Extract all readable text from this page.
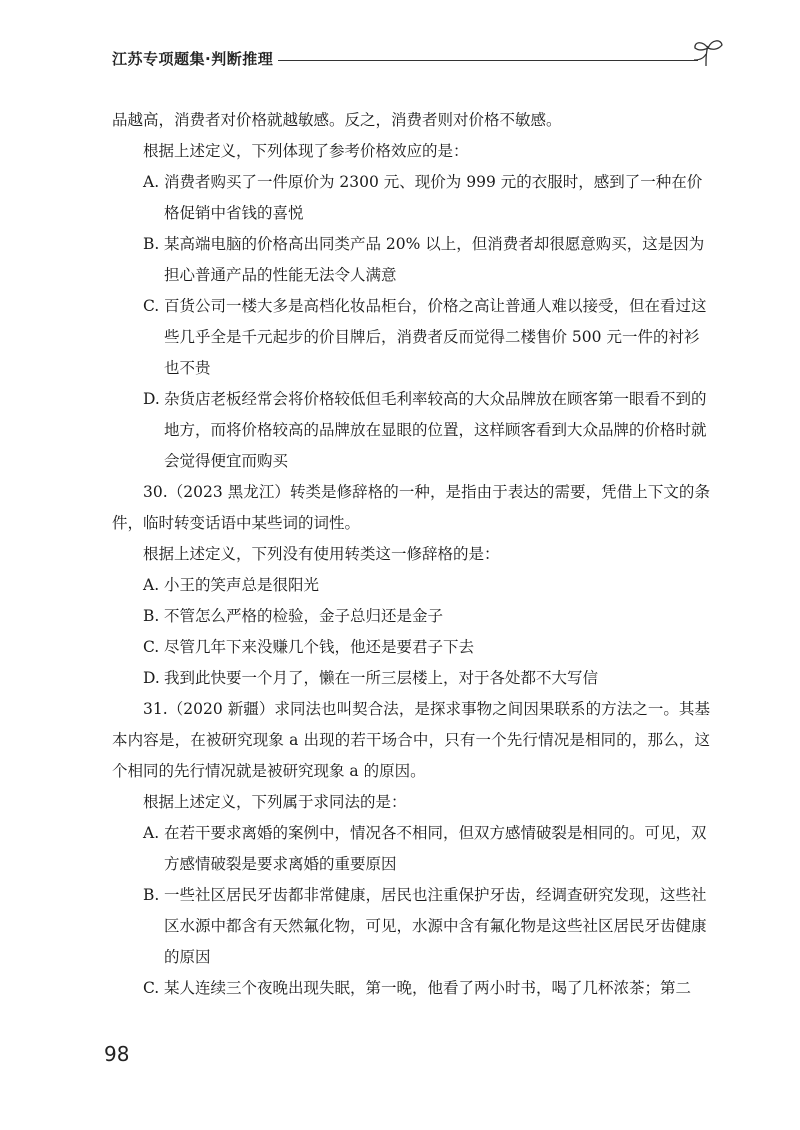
江苏专项题集·判断推理

品越高，消费者对价格就越敏感。反之，消费者则对价格不敏感。

根据上述定义，下列体现了参考价格效应的是：

A. 消费者购买了一件原价为 2300 元、现价为 999 元的衣服时，感到了一种在价格促销中省钱的喜悦
B. 某高端电脑的价格高出同类产品 20% 以上，但消费者却很愿意购买，这是因为担心普通产品的性能无法令人满意
C. 百货公司一楼大多是高档化妆品柜台，价格之高让普通人难以接受，但在看过这些几乎全是千元起步的价目牌后，消费者反而觉得二楼售价 500 元一件的衬衫也不贵
D. 杂货店老板经常会将价格较低但毛利率较高的大众品牌放在顾客第一眼看不到的地方，而将价格较高的品牌放在显眼的位置，这样顾客看到大众品牌的价格时就会觉得便宜而购买

30.（2023 黑龙江）转类是修辞格的一种，是指由于表达的需要，凭借上下文的条件，临时转变话语中某些词的词性。

根据上述定义，下列没有使用转类这一修辞格的是：

A. 小王的笑声总是很阳光
B. 不管怎么严格的检验，金子总归还是金子
C. 尽管几年下来没赚几个钱，他还是要君子下去
D. 我到此快要一个月了，懒在一所三层楼上，对于各处都不大写信

31.（2020 新疆）求同法也叫契合法，是探求事物之间因果联系的方法之一。其基本内容是，在被研究现象 a 出现的若干场合中，只有一个先行情况是相同的，那么，这个相同的先行情况就是被研究现象 a 的原因。

根据上述定义，下列属于求同法的是：

A. 在若干要求离婚的案例中，情况各不相同，但双方感情破裂是相同的。可见，双方感情破裂是要求离婚的重要原因
B. 一些社区居民牙齿都非常健康，居民也注重保护牙齿，经调查研究发现，这些社区水源中都含有天然氟化物，可见，水源中含有氟化物是这些社区居民牙齿健康的原因
C. 某人连续三个夜晚出现失眠，第一晚，他看了两小时书，喝了几杯浓茶；第二
98
